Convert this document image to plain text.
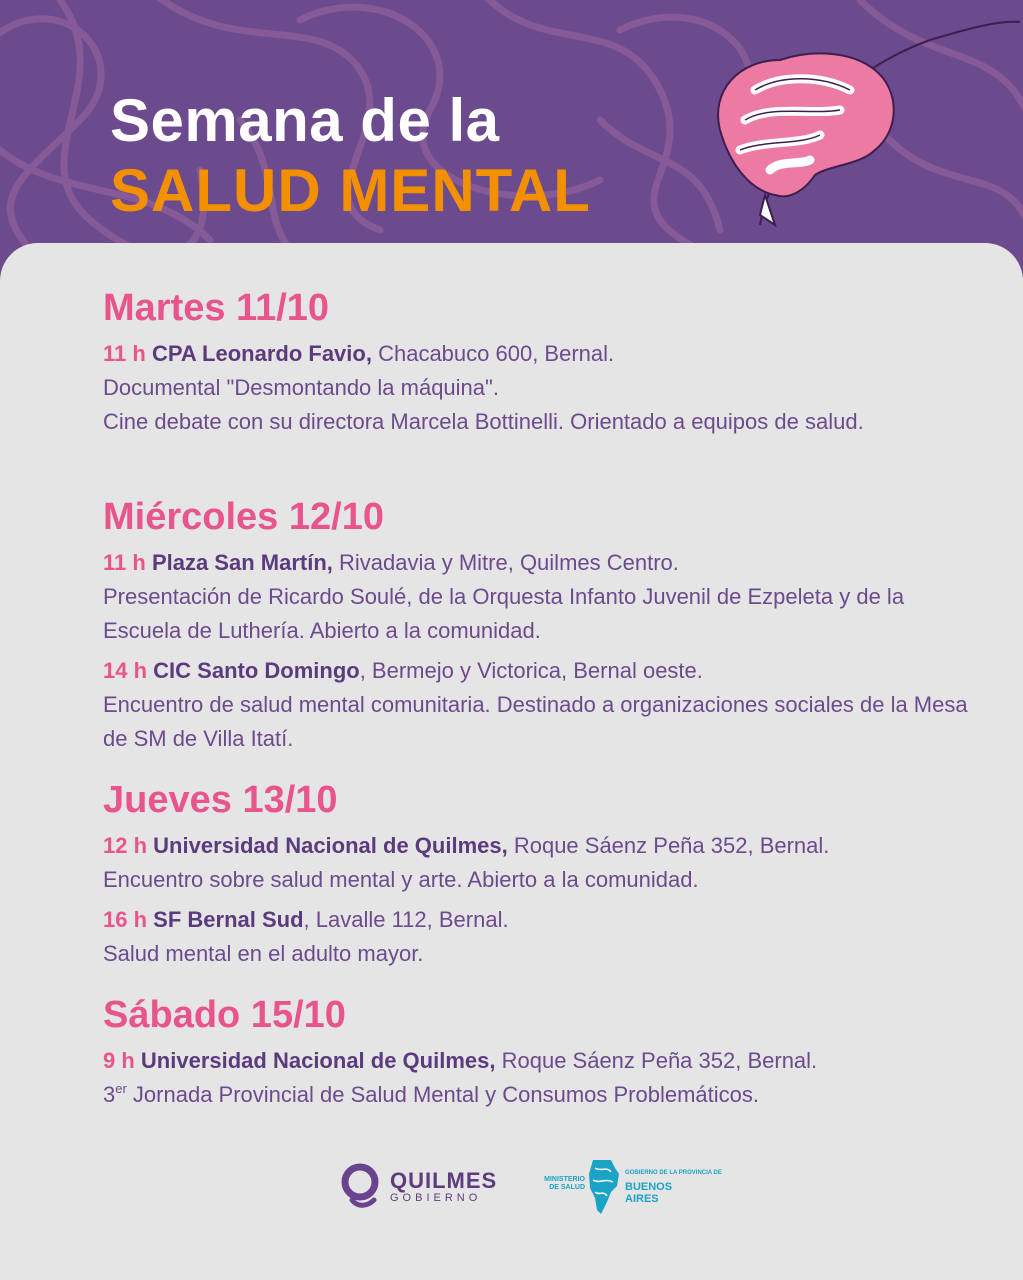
Semana de la
SALUD MENTAL
Martes 11/10
11 h CPA Leonardo Favio, Chacabuco 600, Bernal.
Documental "Desmontando la máquina".
Cine debate con su directora Marcela Bottinelli. Orientado a equipos de salud.
Miércoles 12/10
11 h Plaza San Martín, Rivadavia y Mitre, Quilmes Centro.
Presentación de Ricardo Soulé, de la Orquesta Infanto Juvenil de Ezpeleta y de la Escuela de Luthería. Abierto a la comunidad.
14 h CIC Santo Domingo, Bermejo y Victorica, Bernal oeste.
Encuentro de salud mental comunitaria. Destinado a organizaciones sociales de la Mesa de SM de Villa Itatí.
Jueves 13/10
12 h Universidad Nacional de Quilmes, Roque Sáenz Peña 352, Bernal.
Encuentro sobre salud mental y arte. Abierto a la comunidad.
16 h SF Bernal Sud, Lavalle 112, Bernal.
Salud mental en el adulto mayor.
Sábado 15/10
9 h Universidad Nacional de Quilmes, Roque Sáenz Peña 352, Bernal.
3er Jornada Provincial de Salud Mental y Consumos Problemáticos.
QUILMES
GOBIERNO
MINISTERIO DE SALUD
GOBIERNO DE LA PROVINCIA DE
BUENOS
AIRES
